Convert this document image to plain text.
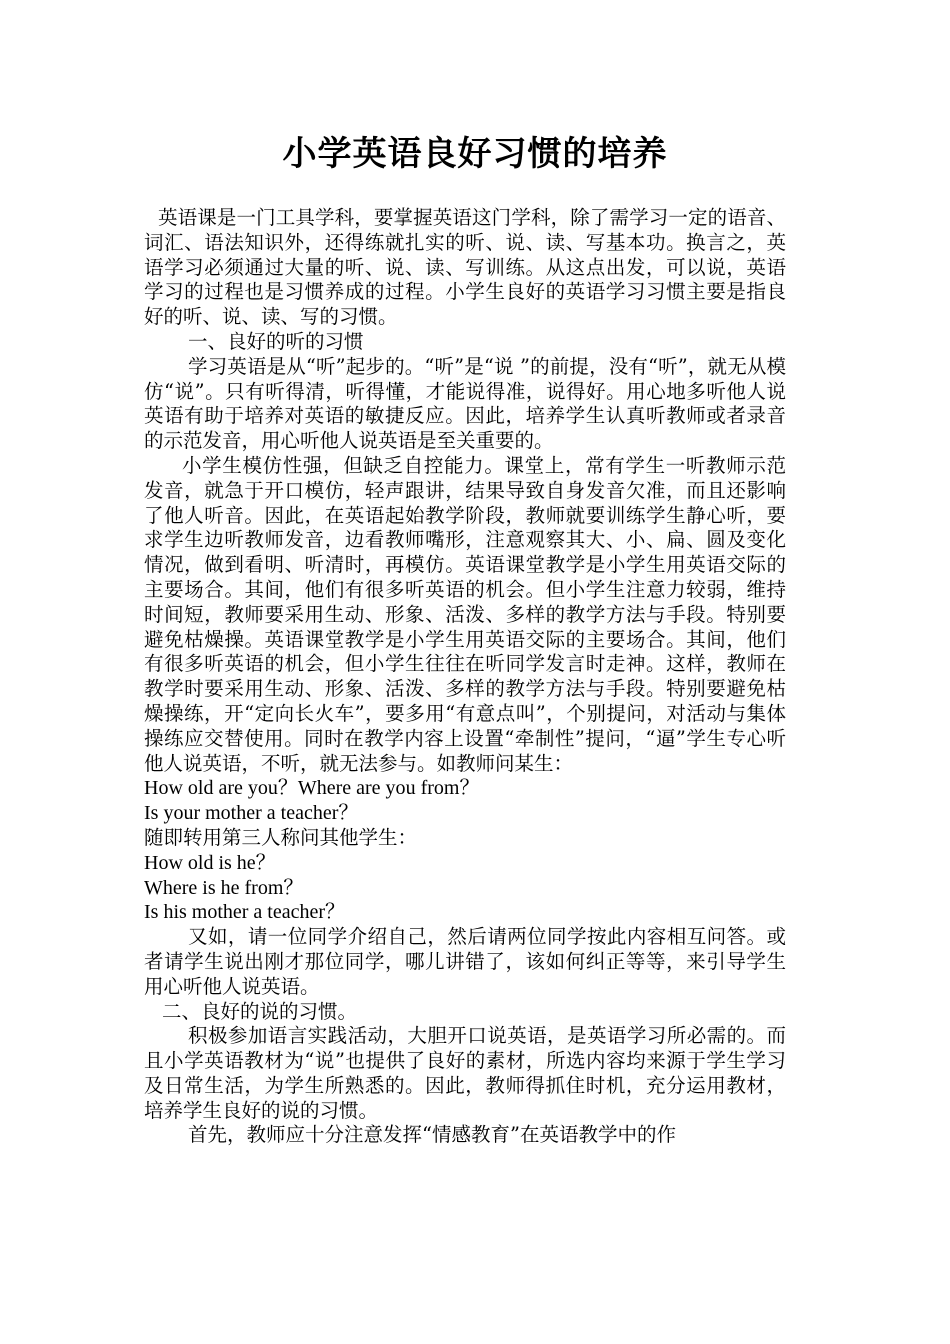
小学英语良好习惯的培养

英语课是一门工具学科，要掌握英语这门学科，除了需学习一定的语音、词汇、语法知识外，还得练就扎实的听、说、读、写基本功。换言之，英语学习必须通过大量的听、说、读、写训练。从这点出发，可以说，英语学习的过程也是习惯养成的过程。小学生良好的英语学习习惯主要是指良好的听、说、读、写的习惯。

一、良好的听的习惯

学习英语是从“听”起步的。“听”是“说 ”的前提，没有“听”，就无从模仿“说”。只有听得清，听得懂，才能说得准，说得好。用心地多听他人说英语有助于培养对英语的敏捷反应。因此，培养学生认真听教师或者录音的示范发音，用心听他人说英语是至关重要的。

小学生模仿性强，但缺乏自控能力。课堂上，常有学生一听教师示范发音，就急于开口模仿，轻声跟讲，结果导致自身发音欠准，而且还影响了他人听音。因此，在英语起始教学阶段，教师就要训练学生静心听，要求学生边听教师发音，边看教师嘴形，注意观察其大、小、扁、圆及变化情况，做到看明、听清时，再模仿。英语课堂教学是小学生用英语交际的主要场合。其间，他们有很多听英语的机会。但小学生注意力较弱，维持时间短，教师要采用生动、形象、活泼、多样的教学方法与手段。特别要避免枯燥操。英语课堂教学是小学生用英语交际的主要场合。其间，他们有很多听英语的机会，但小学生往往在听同学发言时走神。这样，教师在教学时要采用生动、形象、活泼、多样的教学方法与手段。特别要避免枯燥操练，开“定向长火车”，要多用“有意点叫”，个别提问，对活动与集体操练应交替使用。同时在教学内容上设置“牵制性”提问，“逼”学生专心听他人说英语，不听，就无法参与。如教师问某生：

How old are you？Where are you from？

Is your mother a teacher？

随即转用第三人称问其他学生：

How old is he？

Where is he from？

Is his mother a teacher？

又如，请一位同学介绍自己，然后请两位同学按此内容相互问答。或者请学生说出刚才那位同学，哪儿讲错了，该如何纠正等等，来引导学生用心听他人说英语。

二、良好的说的习惯。

积极参加语言实践活动，大胆开口说英语，是英语学习所必需的。而且小学英语教材为“说”也提供了良好的素材，所选内容均来源于学生学习及日常生活，为学生所熟悉的。因此，教师得抓住时机，充分运用教材，培养学生良好的说的习惯。

首先，教师应十分注意发挥“情感教育”在英语教学中的作
